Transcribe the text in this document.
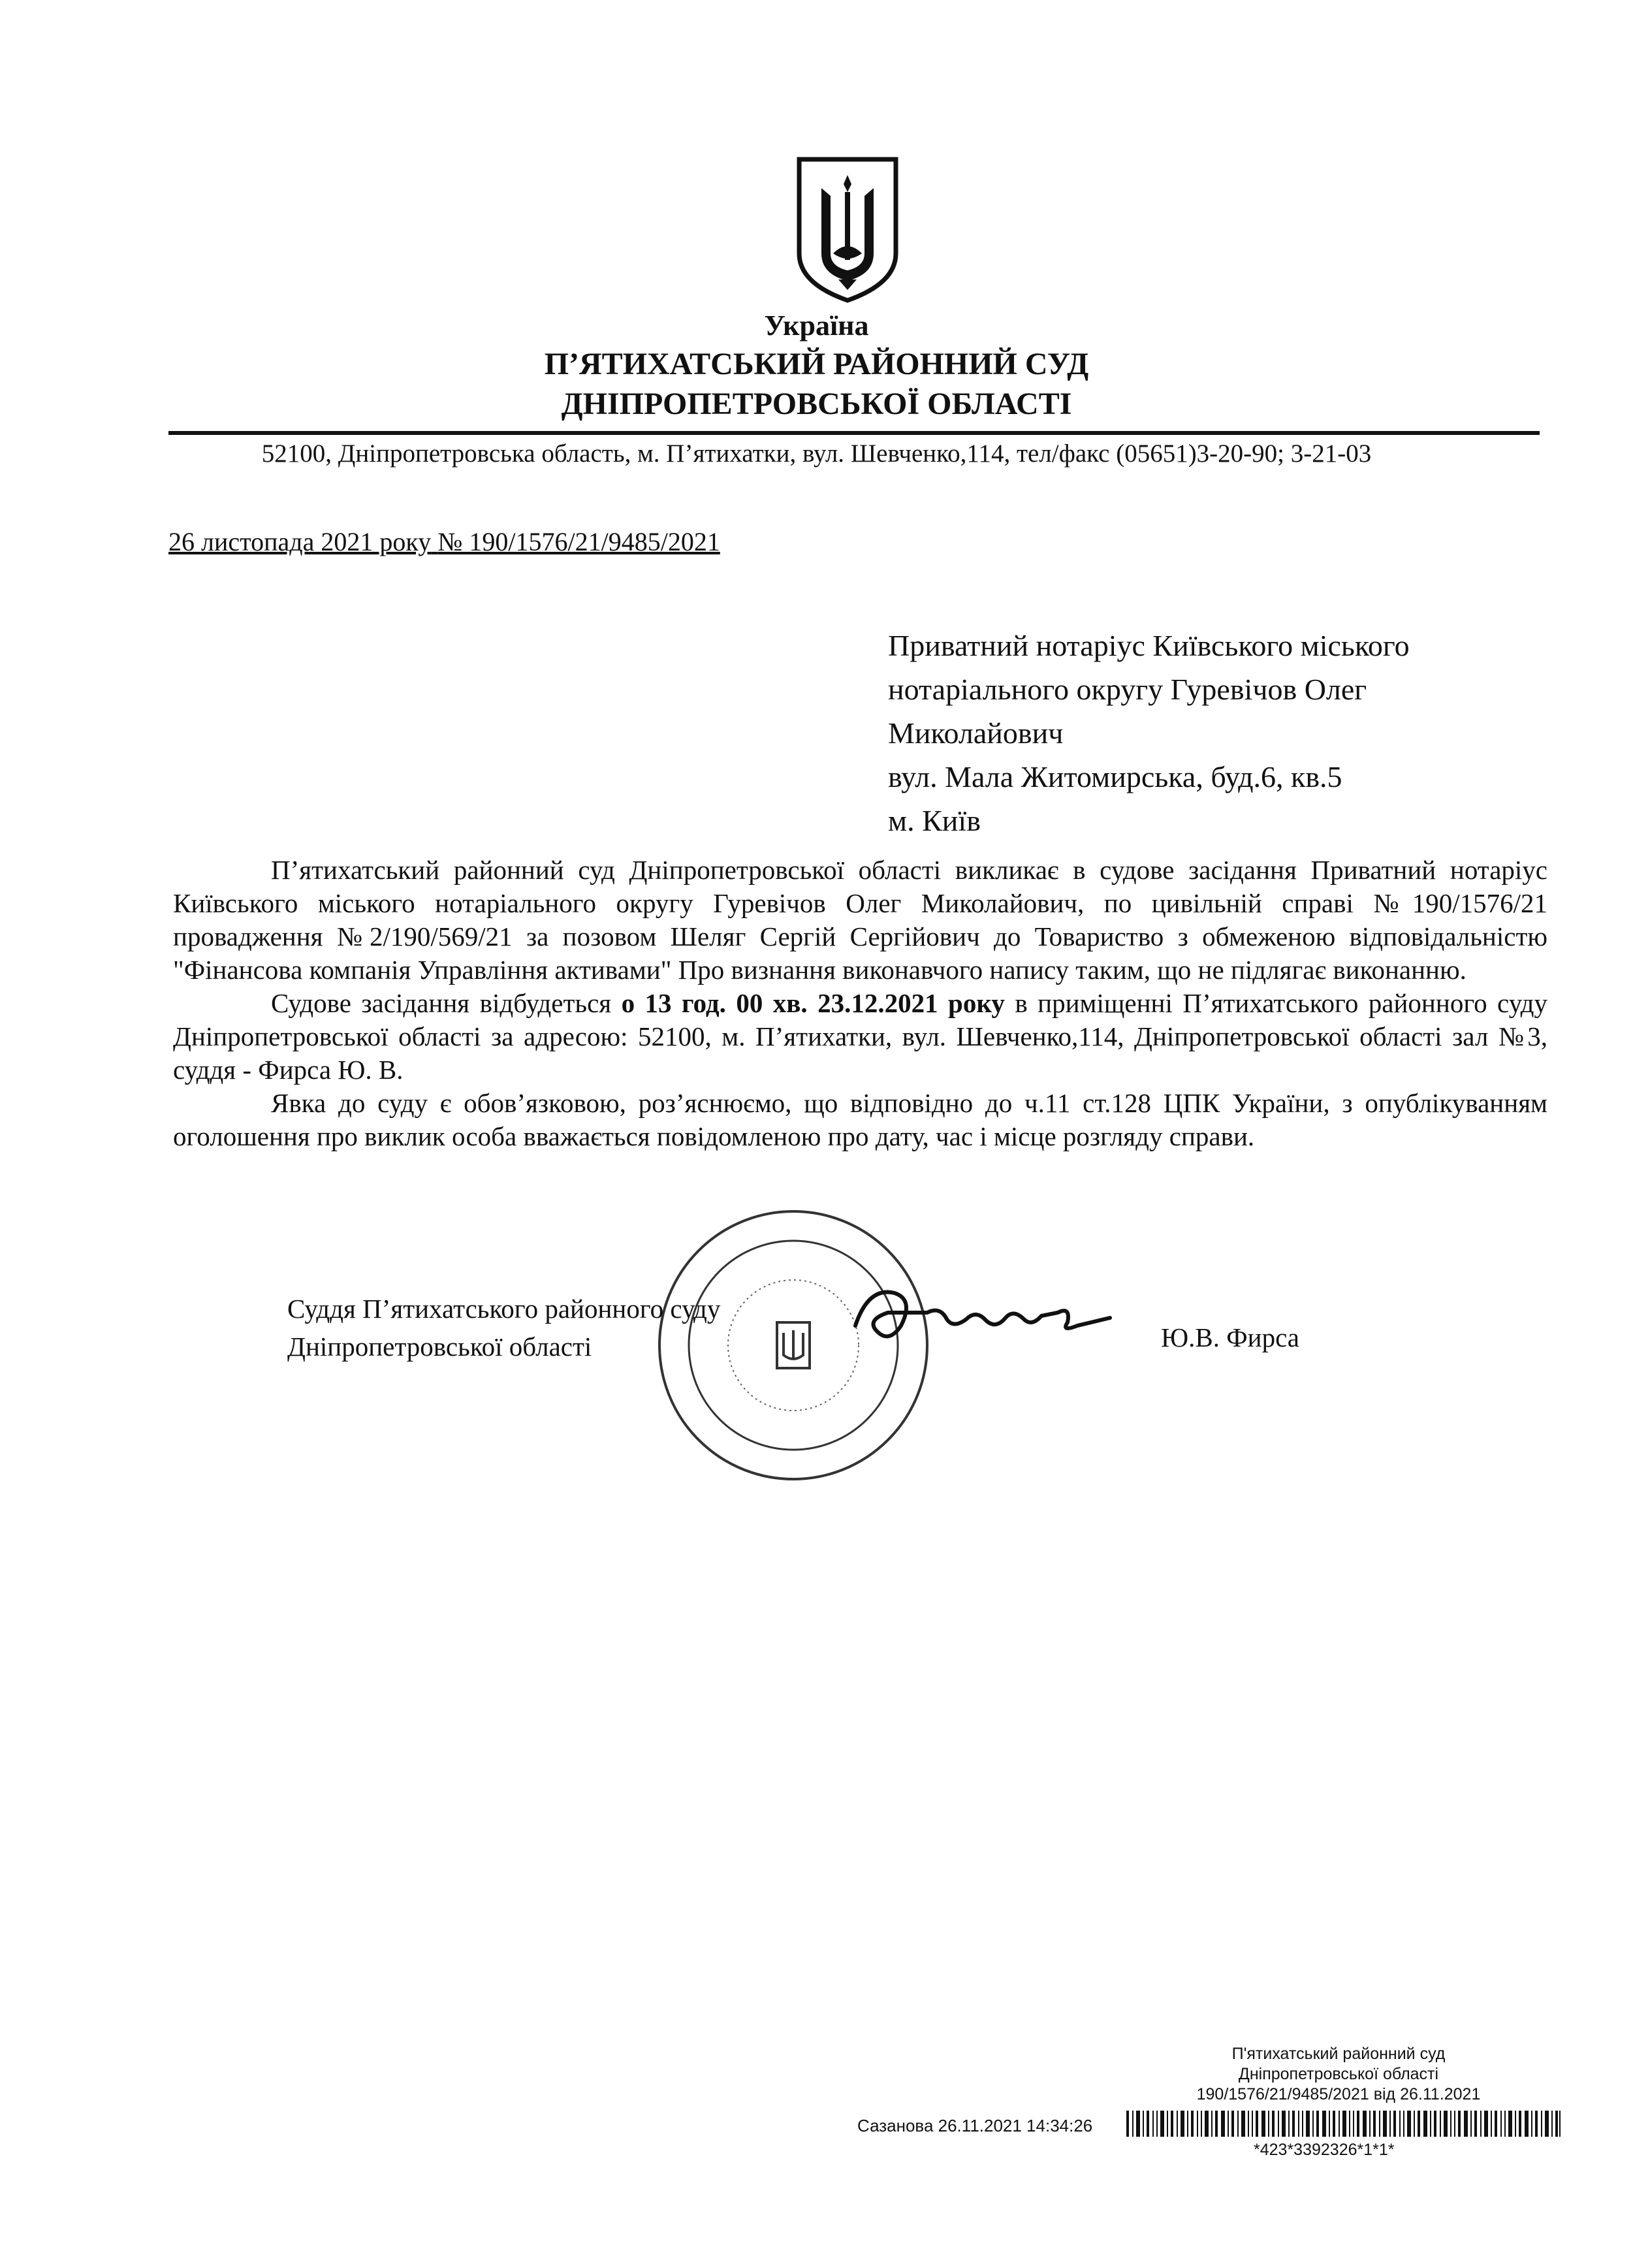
Україна
П’ЯТИХАТСЬКИЙ РАЙОННИЙ СУД
ДНІПРОПЕТРОВСЬКОЇ ОБЛАСТІ
52100, Дніпропетровська область, м. П’ятихатки, вул. Шевченко,114, тел/факс (05651)3-20-90; 3-21-03
26 листопада 2021 року № 190/1576/21/9485/2021
Приватний нотаріус Київського міського
нотаріального округу Гуревічов Олег
Миколайович
вул. Мала Житомирська, буд.6, кв.5
м. Київ

П’ятихатський районний суд Дніпропетровської області викликає в судове засідання Приватний нотаріус Київського міського нотаріального округу Гуревічов Олег Миколайович, по цивільній справі №190/1576/21 провадження №2/190/569/21 за позовом Шеляг Сергій Сергійович до Товариство з обмеженою відповідальністю "Фінансова компанія Управління активами" Про визнання виконавчого напису таким, що не підлягає виконанню.

Судове засідання відбудеться о 13 год. 00 хв. 23.12.2021 року в приміщенні П’ятихатського районного суду Дніпропетровської області за адресою: 52100, м. П’ятихатки, вул. Шевченко,114, Дніпропетровської області зал №3, суддя - Фирса Ю. В.

Явка до суду є обов’язковою, роз’яснюємо, що відповідно до ч.11 ст.128 ЦПК України, з опублікуванням оголошення про виклик особа вважається повідомленою про дату, час і місце розгляду справи.

Суддя П’ятихатського районного суду
Дніпропетровської області	Ю.В. Фирса
П'ятихатський районний суд
Дніпропетровської області
190/1576/21/9485/2021 від 26.11.2021
Сазанова 26.11.2021 14:34:26
*423*3392326*1*1*
